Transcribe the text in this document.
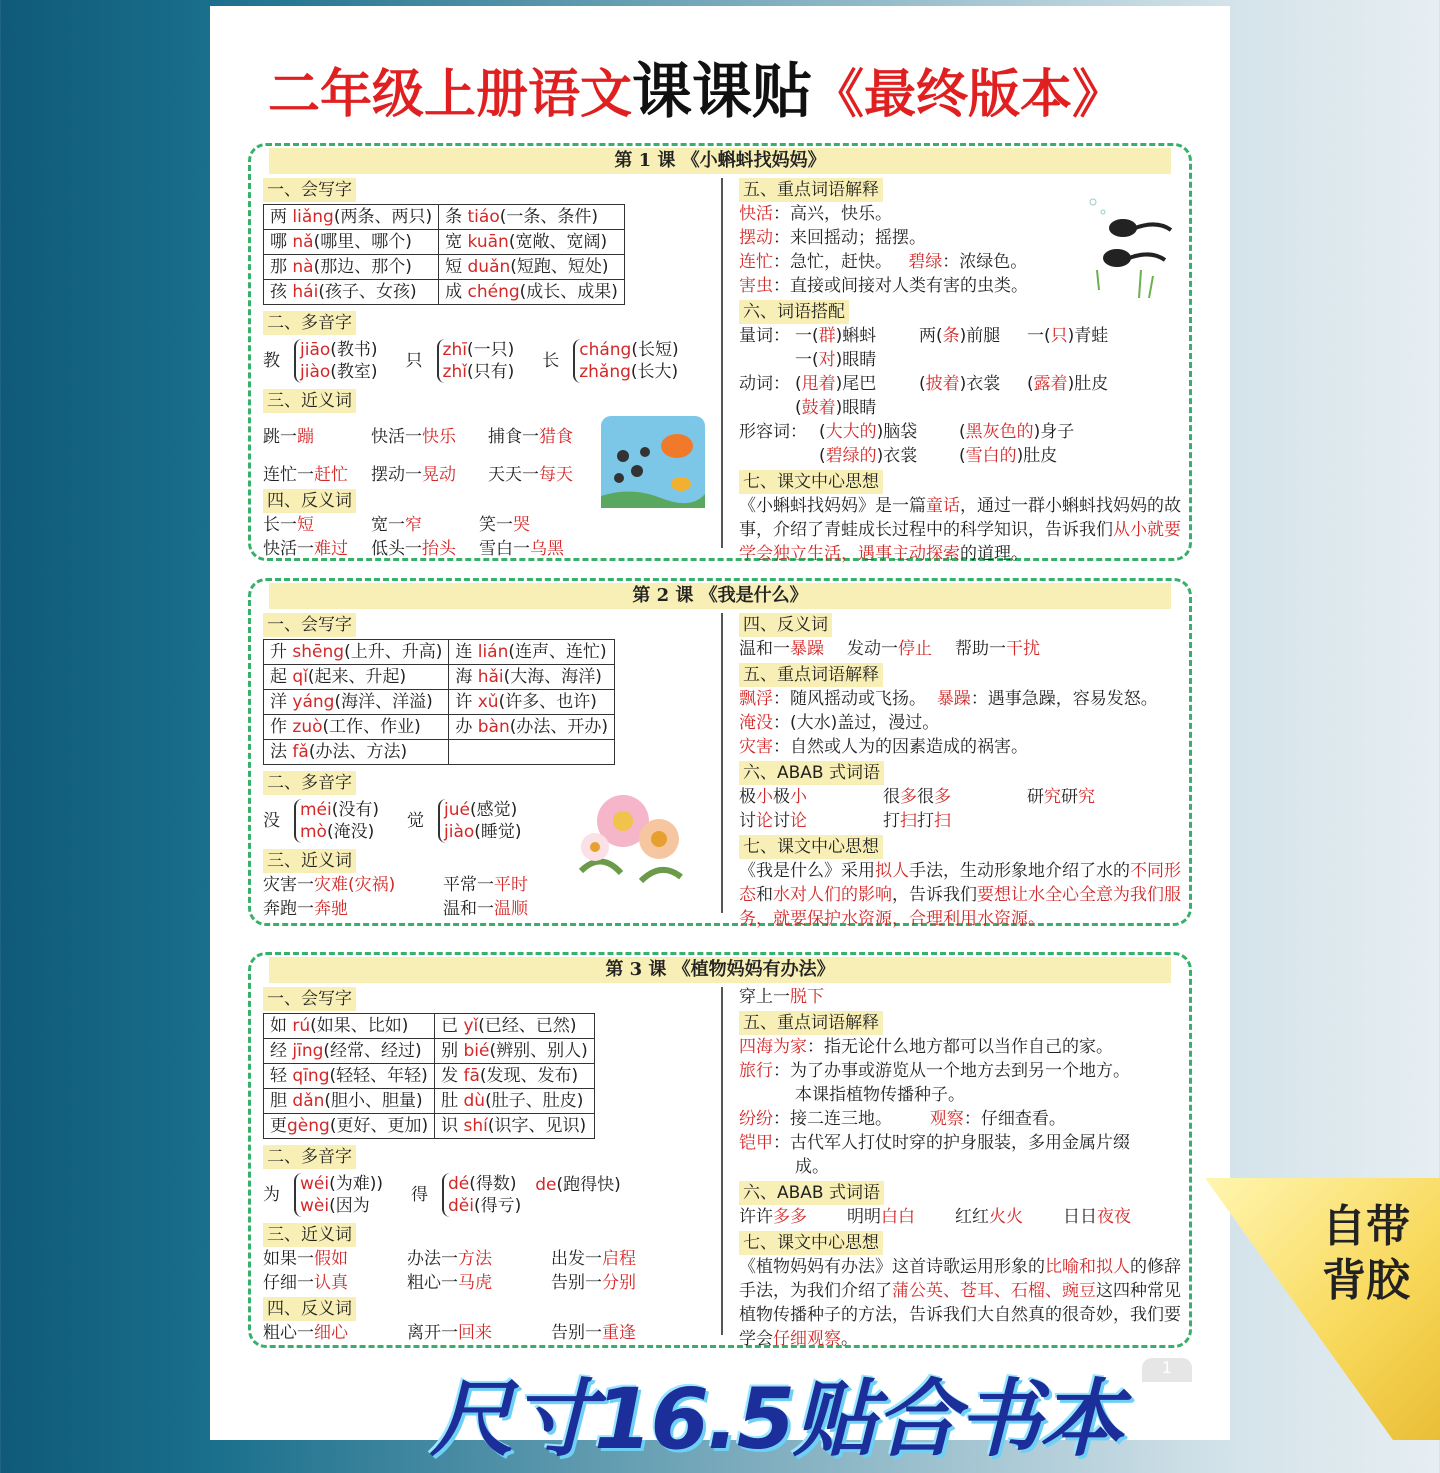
二年级上册语文课课贴《最终版本》
第 1 课 《小蝌蚪找妈妈》
一、会写字
两 liǎng(两条、两只)	条 tiáo(一条、条件)
哪 nǎ(哪里、哪个)	宽 kuān(宽敞、宽阔)
那 nà(那边、那个)	短 duǎn(短跑、短处)
孩 hái(孩子、女孩)	成 chéng(成长、成果)
二、多音字
教
jiāo(教书)
jiào(教室)
只
zhī(一只)
zhǐ(只有)
长
cháng(长短)
zhǎng(长大)
三、近义词
跳一蹦	快活一快乐	捕食一猎食
连忙一赶忙	摆动一晃动	天天一每天
四、反义词
长一短	宽一窄	笑一哭
快活一难过	低头一抬头	雪白一乌黑
五、重点词语解释
快活：高兴，快乐。
摆动：来回摇动；摇摆。
连忙：急忙，赶快。 碧绿：浓绿色。
害虫：直接或间接对人类有害的虫类。
六、词语搭配
量词： 一(群)蝌蚪	两(条)前腿	一(只)青蛙
一( 对 )眼睛
动词： (甩着)尾巴	(披着)衣裳	(露着)肚皮
( 鼓着 )眼睛
形容词： (大大的)脑袋	(黑灰色的)身子
(碧绿的)衣裳	(雪白的)肚皮
七、课文中心思想
《小蝌蚪找妈妈》是一篇童话，通过一群小蝌蚪找妈妈的故事，介绍了青蛙成长过程中的科学知识，告诉我们从小就要学会独立生活，遇事主动探索的道理。
第 2 课 《我是什么》
一、会写字
升 shēng(上升、升高)	连 lián(连声、连忙)
起 qǐ(起来、升起)	海 hǎi(大海、海洋)
洋 yáng(海洋、洋溢)	许 xǔ(许多、也许)
作 zuò(工作、作业)	办 bàn(办法、开办)
法 fǎ(办法、方法)	
二、多音字
没
méi(没有)
mò(淹没)
觉
jué(感觉)
jiào(睡觉)
三、近义词
灾害一灾难(灾祸)	平常一平时
奔跑一奔驰	温和一温顺
四、反义词
温和一暴躁	发动一停止	帮助一干扰
五、重点词语解释
飘浮：随风摇动或飞扬。 暴躁：遇事急躁，容易发怒。
淹没：(大水)盖过，漫过。
灾害：自然或人为的因素造成的祸害。
六、ABAB 式词语
极小极小	很多很多	研究研究
讨论讨论	打扫打扫
七、课文中心思想
《我是什么》采用拟人手法，生动形象地介绍了水的不同形态和水对人们的影响，告诉我们要想让水全心全意为我们服务，就要保护水资源，合理利用水资源。
第 3 课 《植物妈妈有办法》
一、会写字
如 rú(如果、比如)	已 yǐ(已经、已然)
经 jīng(经常、经过)	别 bié(辨别、别人)
轻 qīng(轻轻、年轻)	发 fā(发现、发布)
胆 dǎn(胆小、胆量)	肚 dù(肚子、肚皮)
更gèng(更好、更加)	识 shí(识字、见识)
二、多音字
为
wéi(为难))
wèi(因为
得
dé(得数)
děi(得亏)
de(跑得快)
三、近义词
如果一假如	办法一方法	出发一启程
仔细一认真	粗心一马虎	告别一分别
四、反义词
粗心一细心	离开一回来	告别一重逢
穿上一 脱下
五、重点词语解释
四海为家：指无论什么地方都可以当作自己的家。
旅行：为了办事或游览从一个地方去到另一个地方。
本课指植物传播种子。
纷纷：接二连三地。 观察：仔细查看。
铠甲：古代军人打仗时穿的护身服装，多用金属片缀
成。
六、ABAB 式词语
许许多多	明明白白	红红火火	日日夜夜
七、课文中心思想
《植物妈妈有办法》这首诗歌运用形象的比喻和拟人的修辞手法，为我们介绍了蒲公英、苍耳、石榴、豌豆这四种常见植物传播种子的方法，告诉我们大自然真的很奇妙，我们要学会仔细观察。
1
自带
背胶
尺寸16.5贴合书本
